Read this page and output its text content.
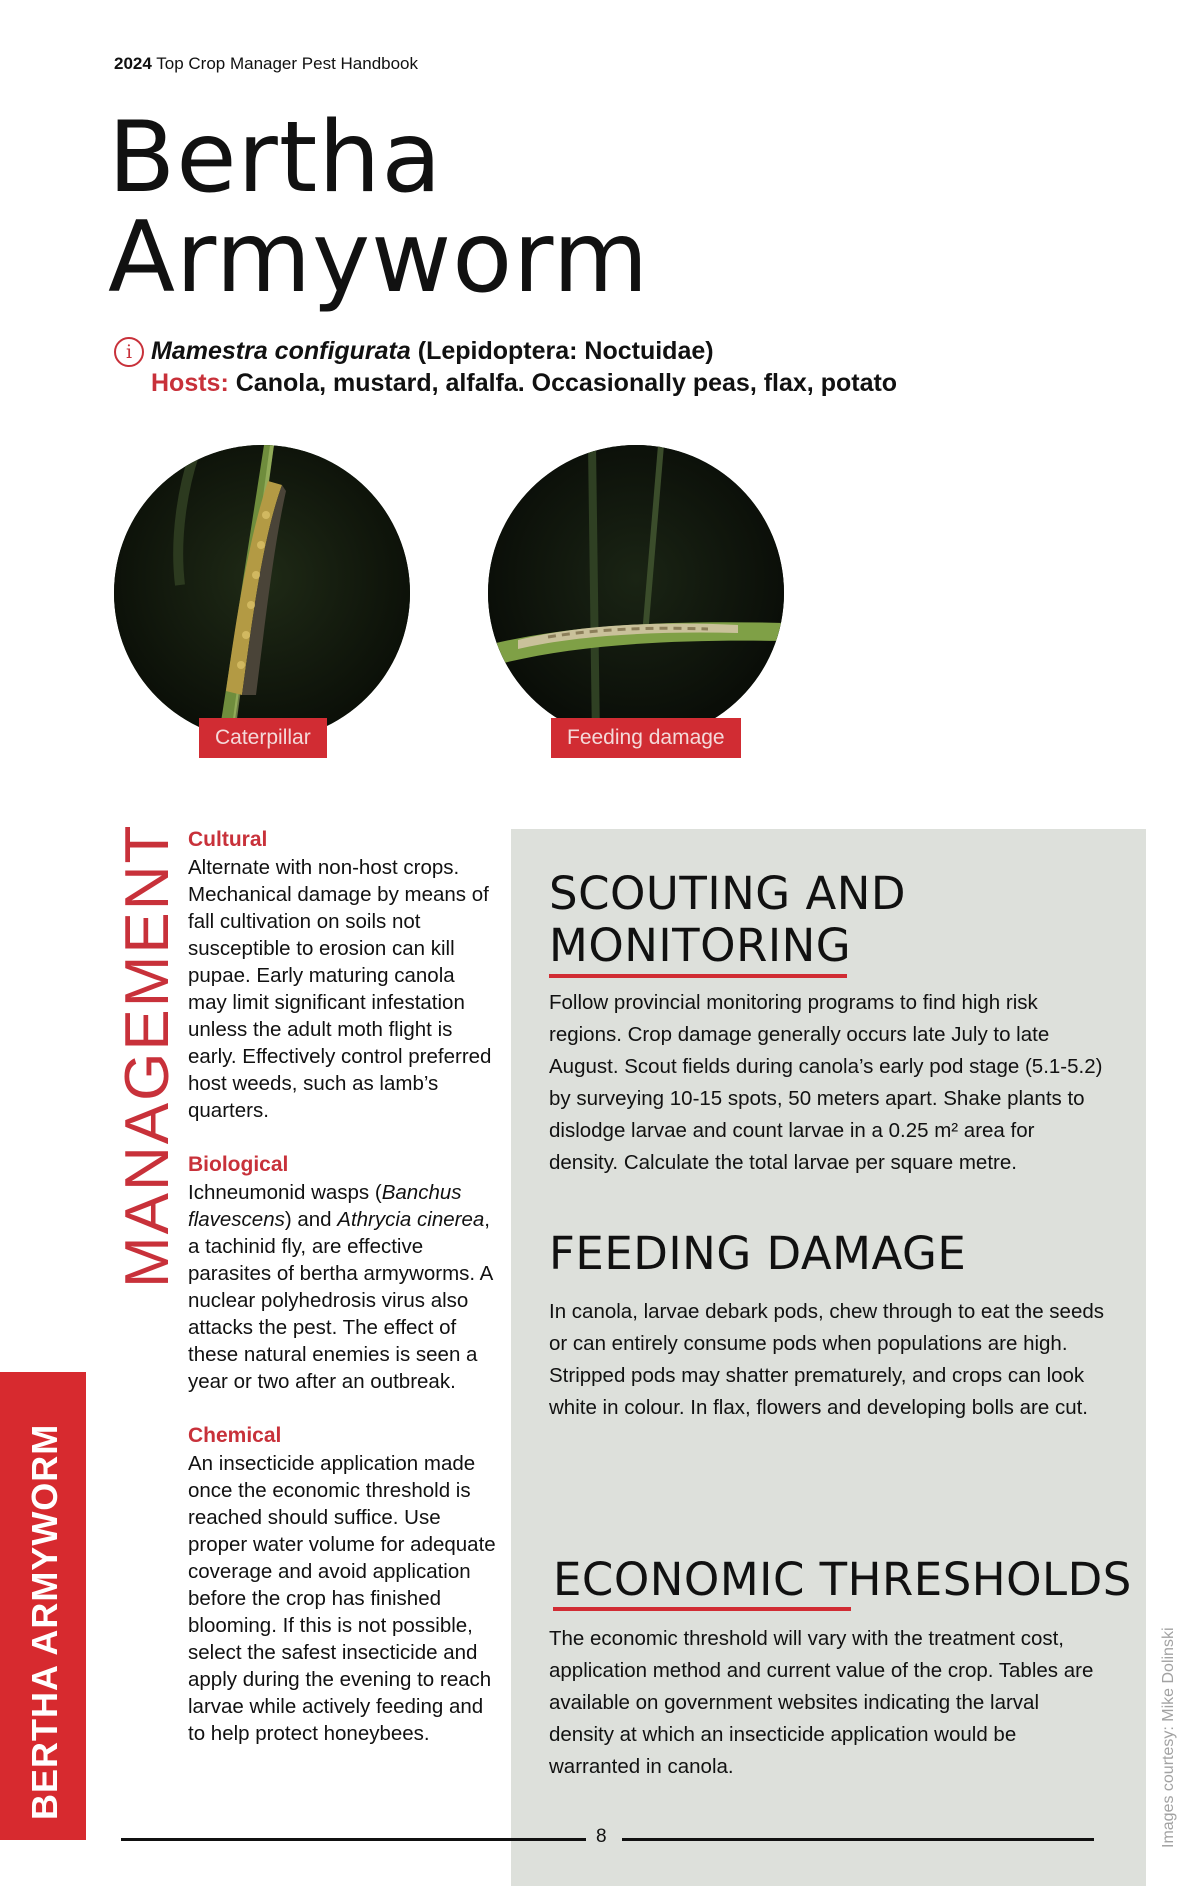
2024 Top Crop Manager Pest Handbook
Bertha
Armyworm
i Mamestra configurata (Lepidoptera: Noctuidae)
Hosts: Canola, mustard, alfalfa. Occasionally peas, flax, potato
Caterpillar	Feeding damage
MANAGEMENT Cultural

Alternate with non-host crops. Mechanical damage by means of fall cultivation on soils not susceptible to erosion can kill pupae. Early maturing canola may limit significant infestation unless the adult moth flight is early. Effectively control preferred host weeds, such as lamb’s quarters.

Biological

Ichneumonid wasps (Banchus flavescens) and Athrycia cinerea, a tachinid fly, are effective parasites of bertha armyworms. A nuclear polyhedrosis virus also attacks the pest. The effect of these natural enemies is seen a year or two after an outbreak.

Chemical

An insecticide application made once the economic threshold is reached should suffice. Use proper water volume for adequate coverage and avoid application before the crop has finished blooming. If this is not possible, select the safest insecticide and apply during the evening to reach larvae while actively feeding and to help protect honeybees.

BERTHA ARMYWORM
SCOUTING AND
MONITORING
Follow provincial monitoring programs to find high risk regions. Crop damage generally occurs late July to late August. Scout fields during canola’s early pod stage (5.1-5.2) by surveying 10-15 spots, 50 meters apart. Shake plants to dislodge larvae and count larvae in a 0.25 m² area for density. Calculate the total larvae per square metre.
FEEDING DAMAGE
In canola, larvae debark pods, chew through to eat the seeds or can entirely consume pods when populations are high. Stripped pods may shatter prematurely, and crops can look white in colour. In flax, flowers and developing bolls are cut.
ECONOMIC THRESHOLDS
The economic threshold will vary with the treatment cost, application method and current value of the crop. Tables are available on government websites indicating the larval density at which an insecticide application would be warranted in canola.	Images courtesy: Mike Dolinski
8
